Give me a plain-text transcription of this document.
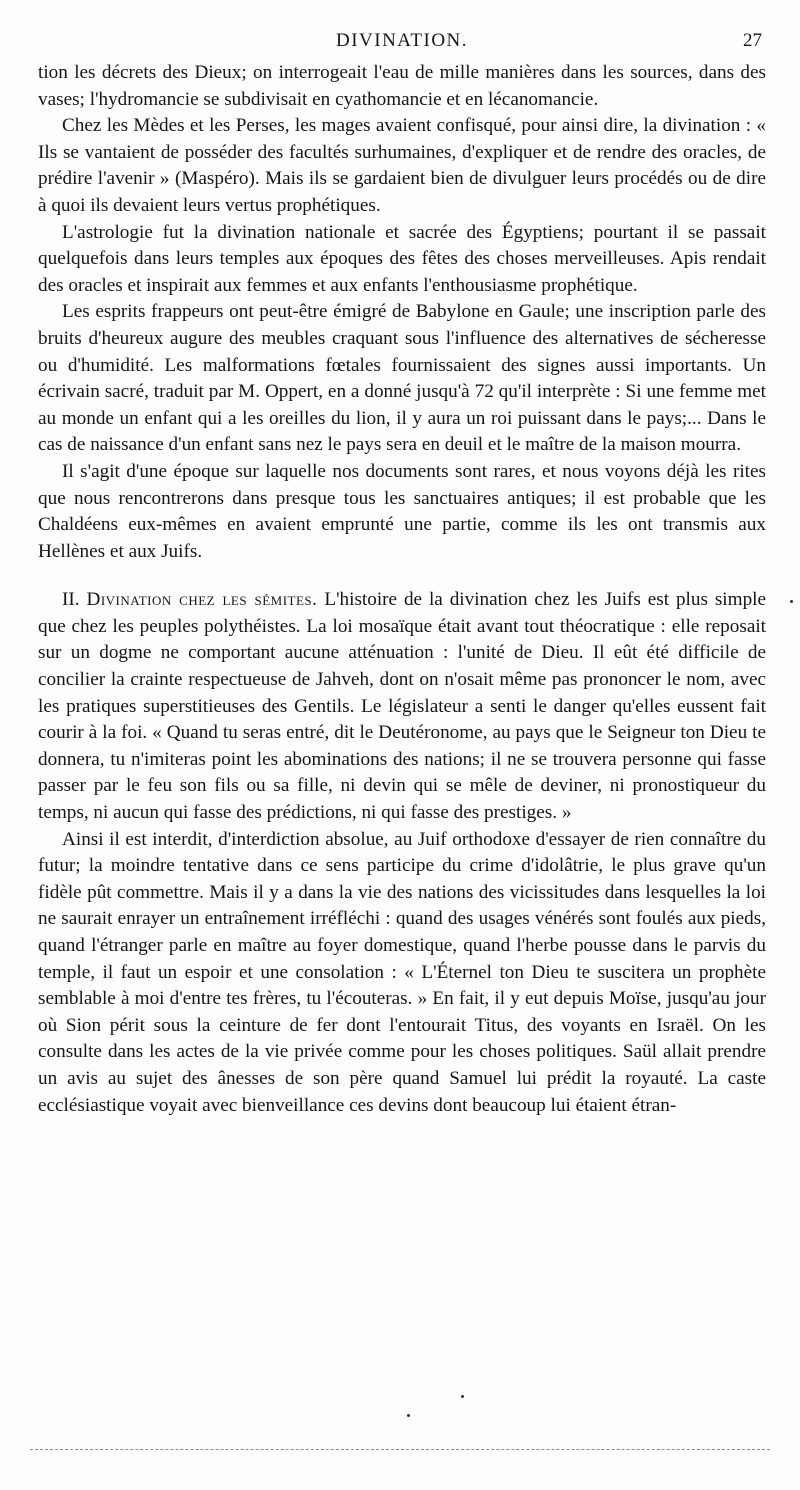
DIVINATION.	27

tion les décrets des Dieux; on interrogeait l'eau de mille manières dans les sources, dans des vases; l'hydromancie se subdivisait en cyathomancie et en lécanomancie.

Chez les Mèdes et les Perses, les mages avaient confisqué, pour ainsi dire, la divination : « Ils se vantaient de posséder des facultés surhumaines, d'expliquer et de rendre des oracles, de prédire l'avenir » (Maspéro). Mais ils se gardaient bien de divulguer leurs procédés ou de dire à quoi ils devaient leurs vertus prophétiques.

L'astrologie fut la divination nationale et sacrée des Égyptiens; pourtant il se passait quelquefois dans leurs temples aux époques des fêtes des choses merveilleuses. Apis rendait des oracles et inspirait aux femmes et aux enfants l'enthousiasme prophétique.

Les esprits frappeurs ont peut-être émigré de Babylone en Gaule; une inscription parle des bruits d'heureux augure des meubles craquant sous l'influence des alternatives de sécheresse ou d'humidité. Les malformations fœtales fournissaient des signes aussi importants. Un écrivain sacré, traduit par M. Oppert, en a donné jusqu'à 72 qu'il interprète : Si une femme met au monde un enfant qui a les oreilles du lion, il y aura un roi puissant dans le pays;... Dans le cas de naissance d'un enfant sans nez le pays sera en deuil et le maître de la maison mourra.

Il s'agit d'une époque sur laquelle nos documents sont rares, et nous voyons déjà les rites que nous rencontrerons dans presque tous les sanctuaires antiques; il est probable que les Chaldéens eux-mêmes en avaient emprunté une partie, comme ils les ont transmis aux Hellènes et aux Juifs.

II. Divination chez les sémites. L'histoire de la divination chez les Juifs est plus simple que chez les peuples polythéistes. La loi mosaïque était avant tout théocratique : elle reposait sur un dogme ne comportant aucune atténuation : l'unité de Dieu. Il eût été difficile de concilier la crainte respectueuse de Jahveh, dont on n'osait même pas prononcer le nom, avec les pratiques superstitieuses des Gentils. Le législateur a senti le danger qu'elles eussent fait courir à la foi. « Quand tu seras entré, dit le Deutéronome, au pays que le Seigneur ton Dieu te donnera, tu n'imiteras point les abominations des nations; il ne se trouvera personne qui fasse passer par le feu son fils ou sa fille, ni devin qui se mêle de deviner, ni pronostiqueur du temps, ni aucun qui fasse des prédictions, ni qui fasse des prestiges. »

Ainsi il est interdit, d'interdiction absolue, au Juif orthodoxe d'essayer de rien connaître du futur; la moindre tentative dans ce sens participe du crime d'idolâtrie, le plus grave qu'un fidèle pût commettre. Mais il y a dans la vie des nations des vicissitudes dans lesquelles la loi ne saurait enrayer un entraînement irréfléchi : quand des usages vénérés sont foulés aux pieds, quand l'étranger parle en maître au foyer domestique, quand l'herbe pousse dans le parvis du temple, il faut un espoir et une consolation : « L'Éternel ton Dieu te suscitera un prophète semblable à moi d'entre tes frères, tu l'écouteras. » En fait, il y eut depuis Moïse, jusqu'au jour où Sion périt sous la ceinture de fer dont l'entourait Titus, des voyants en Israël. On les consulte dans les actes de la vie privée comme pour les choses politiques. Saül allait prendre un avis au sujet des ânesses de son père quand Samuel lui prédit la royauté. La caste ecclésiastique voyait avec bienveillance ces devins dont beaucoup lui étaient étran-
